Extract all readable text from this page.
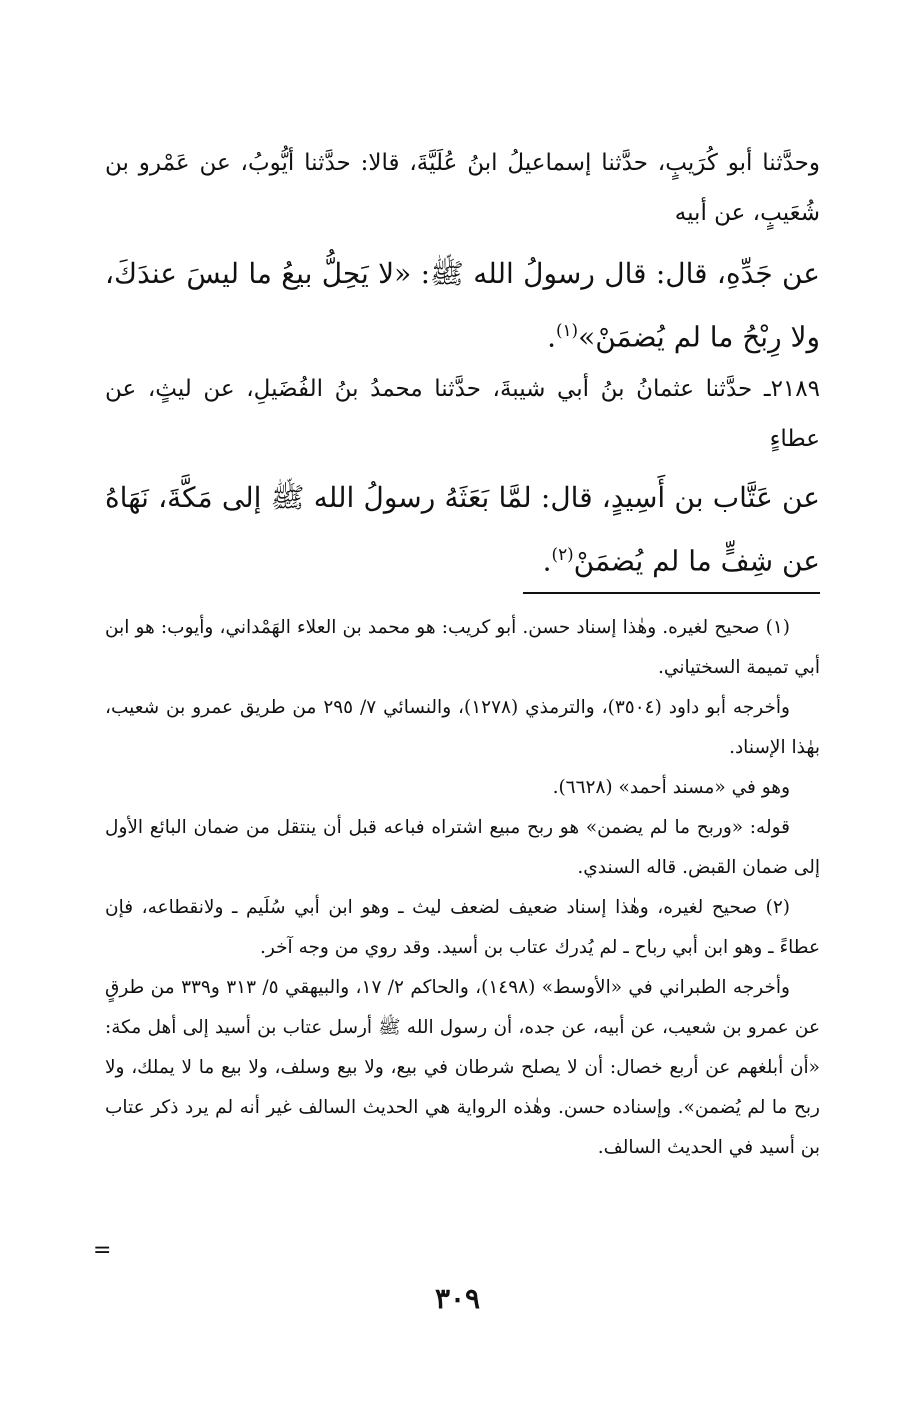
وحدَّثنا أبو كُرَيبٍ، حدَّثنا إسماعيلُ ابنُ عُلَيَّةَ، قالا: حدَّثنا أيُّوبُ، عن عَمْرو بن شُعَيبٍ، عن أبيه

عن جَدِّهِ، قال: قال رسولُ الله ﷺ: «لا يَحِلُّ بيعُ ما ليسَ عندَكَ، ولا رِبْحُ ما لم يُضمَنْ»$^{(١)}$.

٢١٨٩ـ حدَّثنا عثمانُ بنُ أبي شيبةَ، حدَّثنا محمدُ بنُ الفُضَيلِ، عن ليثٍ، عن عطاءٍ

عن عَتَّاب بن أَسِيدٍ، قال: لمَّا بَعَثَهُ رسولُ الله ﷺ إلى مَكَّةَ، نَهَاهُ عن شِفٍّ ما لم يُضمَنْ$^{(٢)}$.

(١) صحيح لغيره. وهٰذا إسناد حسن. أبو كريب: هو محمد بن العلاء الهَمْداني، وأيوب: هو ابن أبي تميمة السختياني.

وأخرجه أبو داود (٣٥٠٤)، والترمذي (١٢٧٨)، والنسائي ٧/ ٢٩٥ من طريق عمرو بن شعيب، بهٰذا الإسناد.

وهو في «مسند أحمد» (٦٦٢٨).

قوله: «وربح ما لم يضمن» هو ربح مبيع اشتراه فباعه قبل أن ينتقل من ضمان البائع الأول إلى ضمان القبض. قاله السندي.

(٢) صحيح لغيره، وهٰذا إسناد ضعيف لضعف ليث ـ وهو ابن أبي سُلَيم ـ ولانقطاعه، فإن عطاءً ـ وهو ابن أبي رباح ـ لم يُدرك عتاب بن أسيد. وقد روي من وجه آخر.

وأخرجه الطبراني في «الأوسط» (١٤٩٨)، والحاكم ٢/ ١٧، والبيهقي ٥/ ٣١٣ و٣٣٩ من طرقٍ عن عمرو بن شعيب، عن أبيه، عن جده، أن رسول الله ﷺ أرسل عتاب بن أسيد إلى أهل مكة: «أن أبلغهم عن أربع خصال: أن لا يصلح شرطان في بيع، ولا بيع وسلف، ولا بيع ما لا يملك، ولا ربح ما لم يُضمن». وإسناده حسن. وهٰذه الرواية هي الحديث السالف غير أنه لم يرد ذكر عتاب بن أسيد في الحديث السالف.

=
٣٠٩
